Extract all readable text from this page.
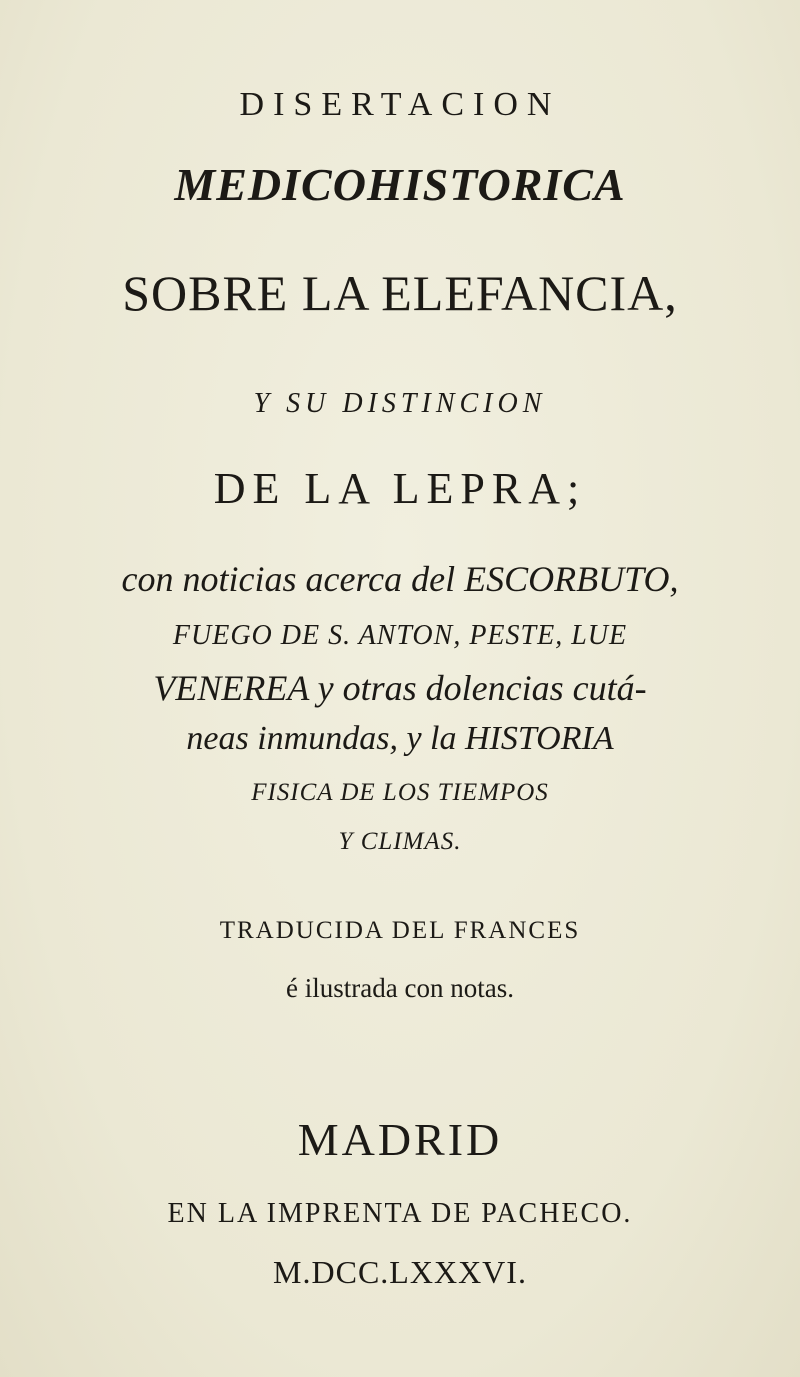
DISERTACION
MEDICOHISTORICA
SOBRE LA ELEFANCIA,
Y SU DISTINCION
DE LA LEPRA;
con noticias acerca del ESCORBUTO,
FUEGO DE S. ANTON, PESTE, LUE
VENEREA y otras dolencias cutá-
neas inmundas, y la HISTORIA
FISICA DE LOS TIEMPOS
Y CLIMAS.
TRADUCIDA DEL FRANCES
é ilustrada con notas.
MADRID
EN LA IMPRENTA DE PACHECO.
M.DCC.LXXXVI.
